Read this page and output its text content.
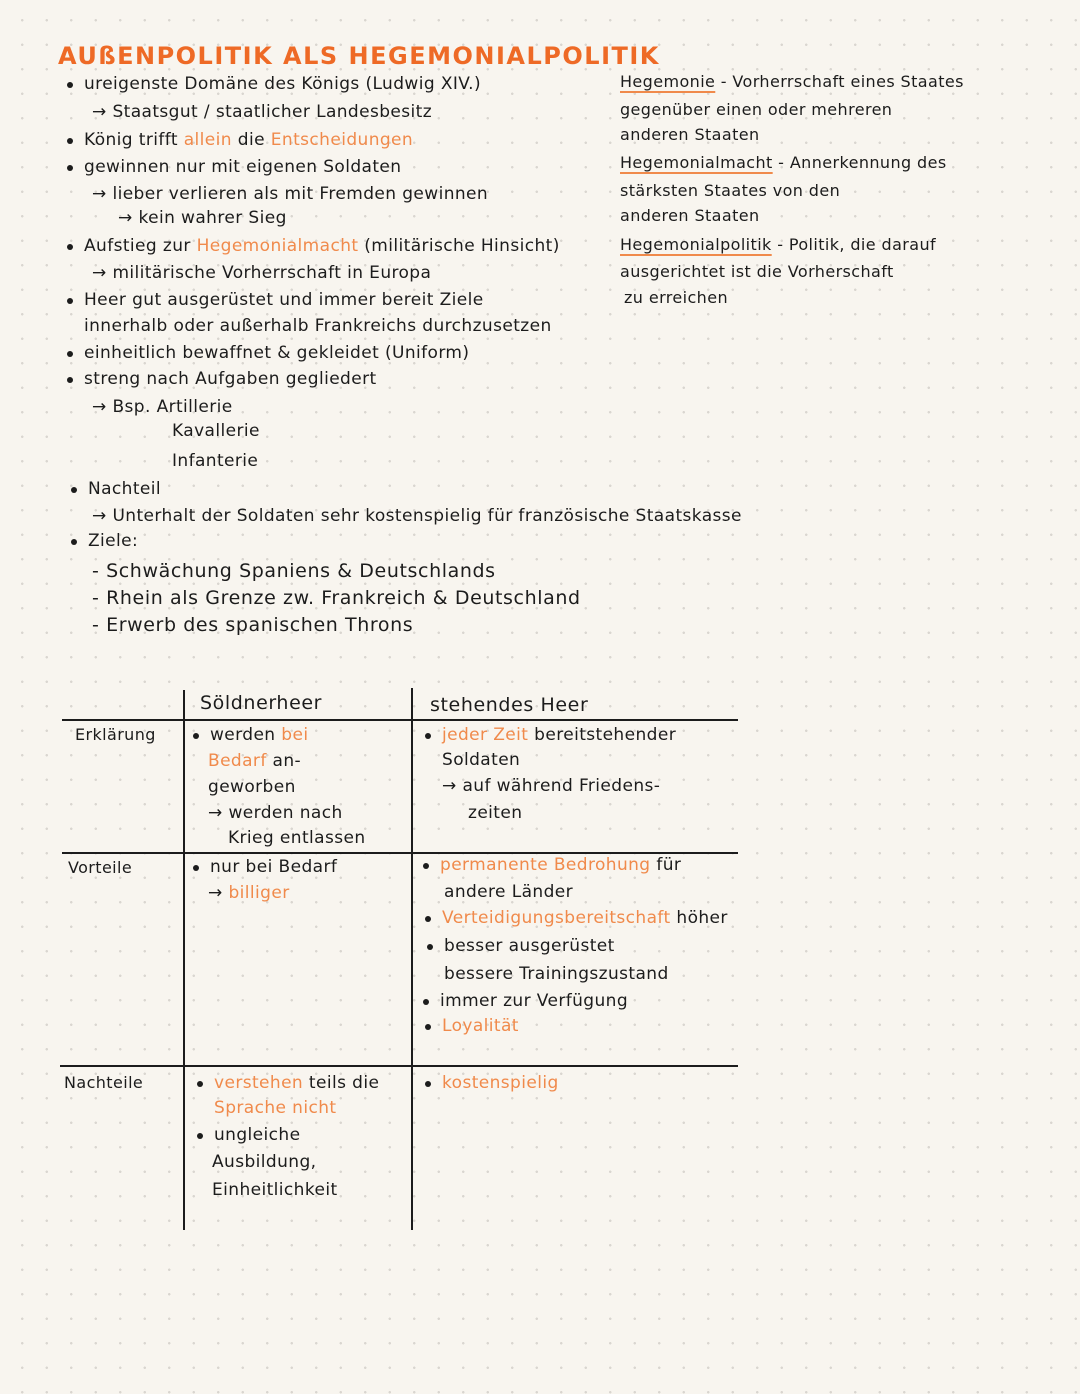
AUßENPOLITIK ALS HEGEMONIALPOLITIK
ureigenste Domäne des Königs (Ludwig XIV.)
→ Staatsgut / staatlicher Landesbesitz
König trifft allein die Entscheidungen
gewinnen nur mit eigenen Soldaten
→ lieber verlieren als mit Fremden gewinnen
→ kein wahrer Sieg
Aufstieg zur Hegemonialmacht (militärische Hinsicht)
→ militärische Vorherrschaft in Europa
Heer gut ausgerüstet und immer bereit Ziele
innerhalb oder außerhalb Frankreichs durchzusetzen
einheitlich bewaffnet & gekleidet (Uniform)
streng nach Aufgaben gegliedert
→ Bsp. Artillerie
Kavallerie
Infanterie
Nachteil
→ Unterhalt der Soldaten sehr kostenspielig für französische Staatskasse
Ziele:
- Schwächung Spaniens & Deutschlands
- Rhein als Grenze zw. Frankreich & Deutschland
- Erwerb des spanischen Throns
Hegemonie - Vorherrschaft eines Staates
gegenüber einen oder mehreren
anderen Staaten
Hegemonialmacht - Annerkennung des
stärksten Staates von den
anderen Staaten
Hegemonialpolitik - Politik, die darauf
ausgerichtet ist die Vorherschaft
zu erreichen
Söldnerheer	stehendes Heer
Erklärung
Vorteile
Nachteile
werden bei
Bedarf an-
geworben
→ werden nach
Krieg entlassen
jeder Zeit bereitstehender
Soldaten
→ auf während Friedens-
zeiten
nur bei Bedarf
→ billiger
permanente Bedrohung für
andere Länder
Verteidigungsbereitschaft höher
besser ausgerüstet
bessere Trainingszustand
immer zur Verfügung
Loyalität
verstehen teils die
Sprache nicht
ungleiche
Ausbildung,
Einheitlichkeit
kostenspielig
